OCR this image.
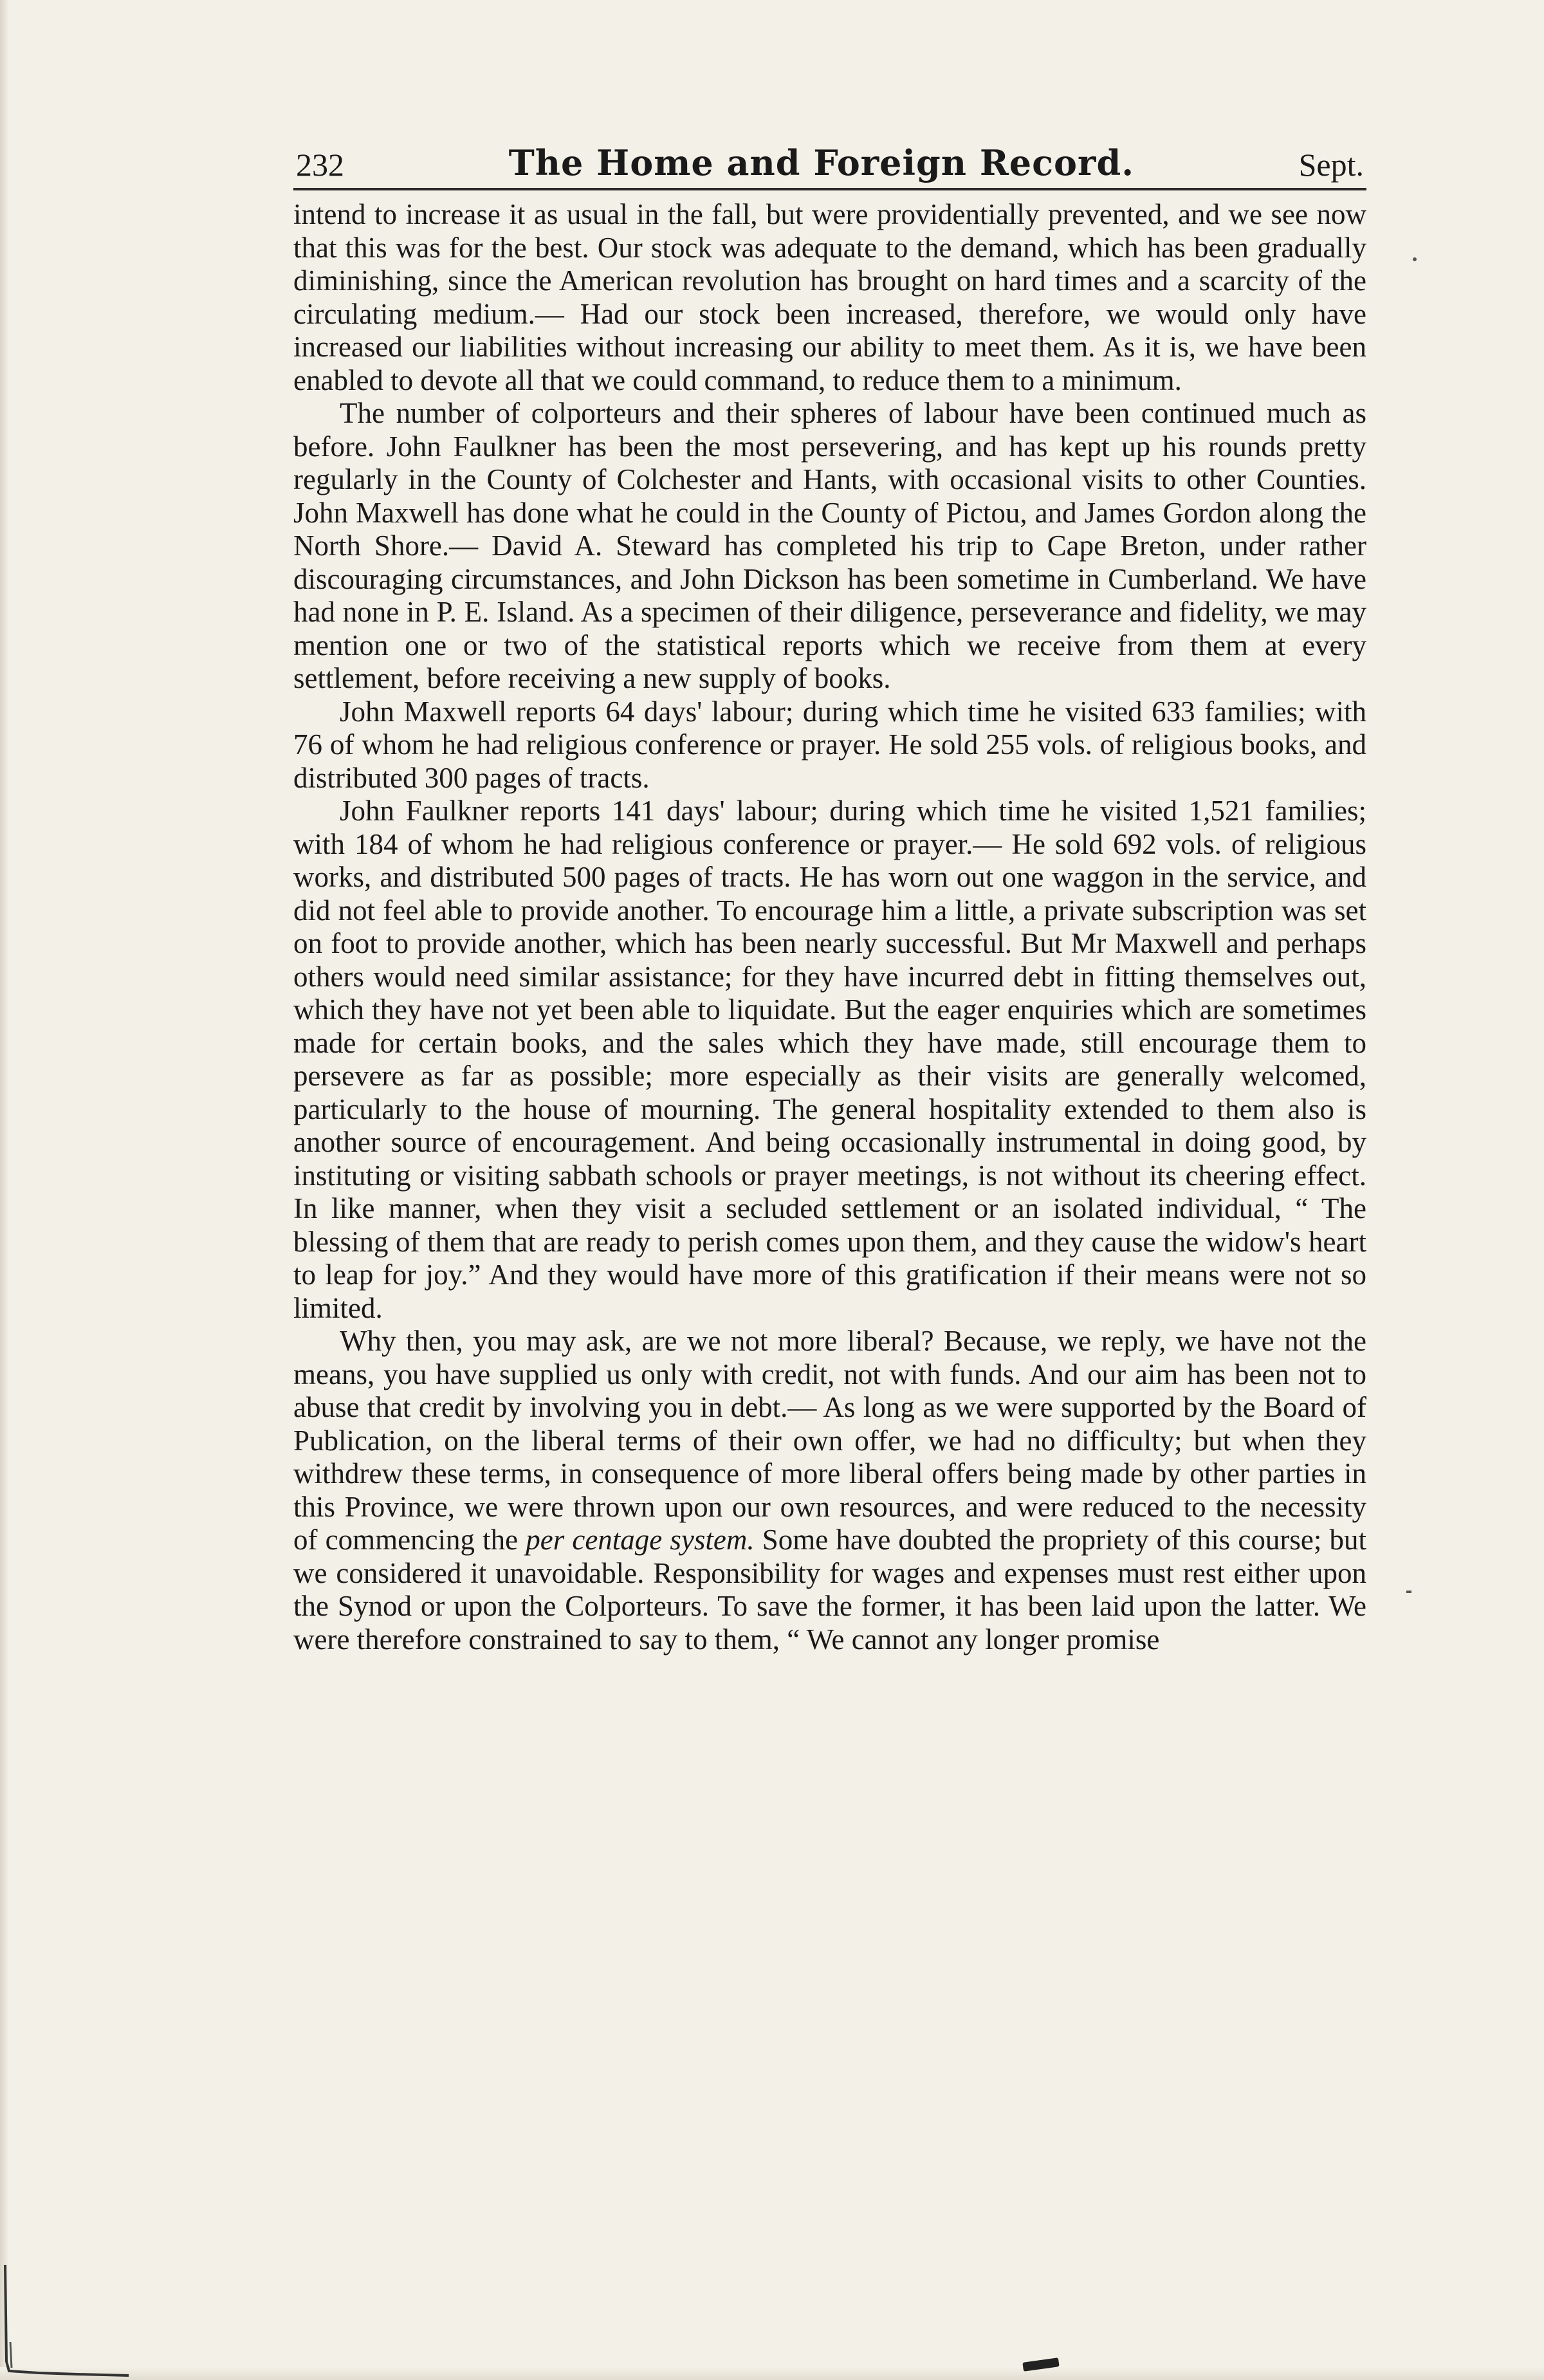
232	The Home and Foreign Record.	Sept.

intend to increase it as usual in the fall, but were providentially prevented, and we see now that this was for the best. Our stock was adequate to the demand, which has been gradually diminishing, since the American revolution has brought on hard times and a scarcity of the circulating medium.— Had our stock been increased, therefore, we would only have increased our liabilities without increasing our ability to meet them. As it is, we have been enabled to devote all that we could command, to reduce them to a minimum.

The number of colporteurs and their spheres of labour have been continued much as before. John Faulkner has been the most persevering, and has kept up his rounds pretty regularly in the County of Colchester and Hants, with occasional visits to other Counties. John Maxwell has done what he could in the County of Pictou, and James Gordon along the North Shore.— David A. Steward has completed his trip to Cape Breton, under rather discouraging circumstances, and John Dickson has been sometime in Cumberland. We have had none in P. E. Island. As a specimen of their diligence, perseverance and fidelity, we may mention one or two of the statistical reports which we receive from them at every settlement, before receiving a new supply of books.

John Maxwell reports 64 days' labour; during which time he visited 633 families; with 76 of whom he had religious conference or prayer. He sold 255 vols. of religious books, and distributed 300 pages of tracts.

John Faulkner reports 141 days' labour; during which time he visited 1,521 families; with 184 of whom he had religious conference or prayer.— He sold 692 vols. of religious works, and distributed 500 pages of tracts. He has worn out one waggon in the service, and did not feel able to provide another. To encourage him a little, a private subscription was set on foot to provide another, which has been nearly successful. But Mr Maxwell and perhaps others would need similar assistance; for they have incurred debt in fitting themselves out, which they have not yet been able to liquidate. But the eager enquiries which are sometimes made for certain books, and the sales which they have made, still encourage them to persevere as far as possible; more especially as their visits are generally welcomed, particularly to the house of mourning. The general hospitality extended to them also is another source of encouragement. And being occasionally instrumental in doing good, by instituting or visiting sabbath schools or prayer meetings, is not without its cheering effect. In like manner, when they visit a secluded settlement or an isolated individual, “ The blessing of them that are ready to perish comes upon them, and they cause the widow's heart to leap for joy.” And they would have more of this gratification if their means were not so limited.

Why then, you may ask, are we not more liberal? Because, we reply, we have not the means, you have supplied us only with credit, not with funds. And our aim has been not to abuse that credit by involving you in debt.— As long as we were supported by the Board of Publication, on the liberal terms of their own offer, we had no difficulty; but when they withdrew these terms, in consequence of more liberal offers being made by other parties in this Province, we were thrown upon our own resources, and were reduced to the necessity of commencing the per centage system. Some have doubted the propriety of this course; but we considered it unavoidable. Responsibility for wages and expenses must rest either upon the Synod or upon the Colporteurs. To save the former, it has been laid upon the latter. We were therefore constrained to say to them, “ We cannot any longer promise
